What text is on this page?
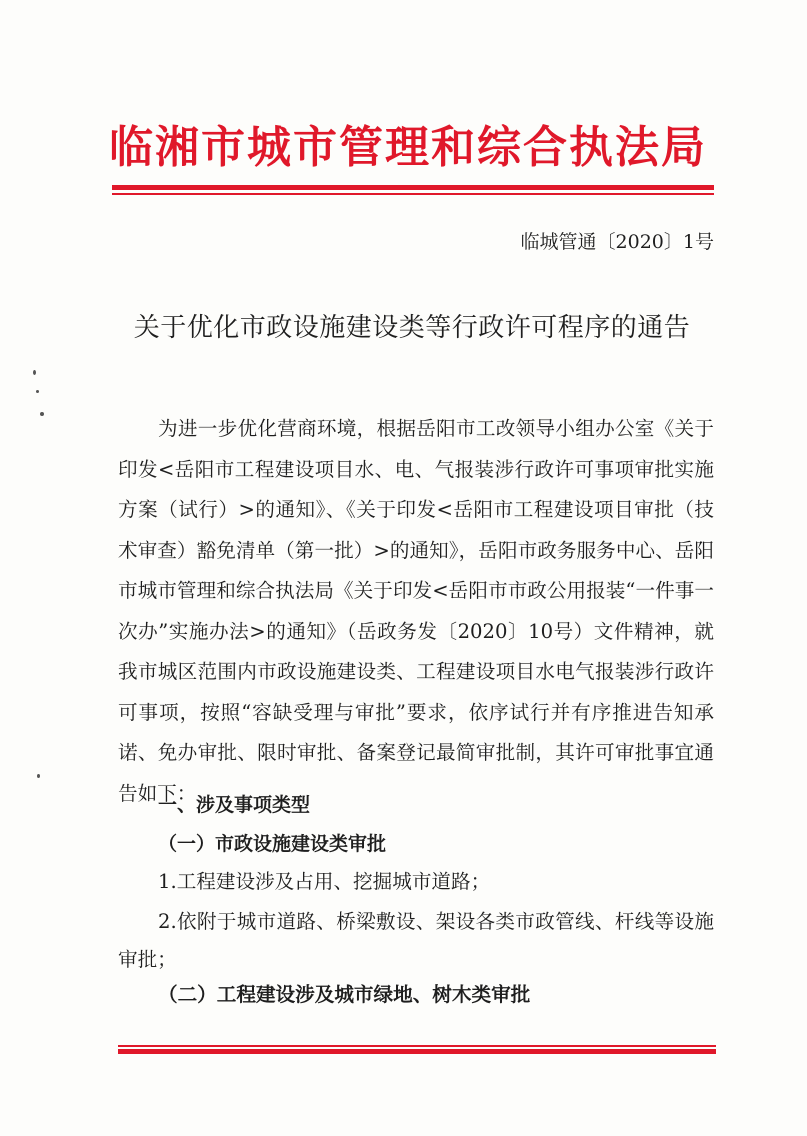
临湘市城市管理和综合执法局
临城管通〔2020〕1号
关于优化市政设施建设类等行政许可程序的通告

为进一步优化营商环境，根据岳阳市工改领导小组办公室《关于印发<岳阳市工程建设项目水、电、气报装涉行政许可事项审批实施方案（试行）>的通知》、《关于印发<岳阳市工程建设项目审批（技术审查）豁免清单（第一批）>的通知》，岳阳市政务服务中心、岳阳市城市管理和综合执法局《关于印发<岳阳市市政公用报装“一件事一次办”实施办法>的通知》（岳政务发〔2020〕10号）文件精神，就我市城区范围内市政设施建设类、工程建设项目水电气报装涉行政许可事项，按照“容缺受理与审批”要求，依序试行并有序推进告知承诺、免办审批、限时审批、备案登记最简审批制，其许可审批事宜通告如下：

一、涉及事项类型
（一）市政设施建设类审批
1.工程建设涉及占用、挖掘城市道路；

2.依附于城市道路、桥梁敷设、架设各类市政管线、杆线等设施审批；

（二）工程建设涉及城市绿地、树木类审批
